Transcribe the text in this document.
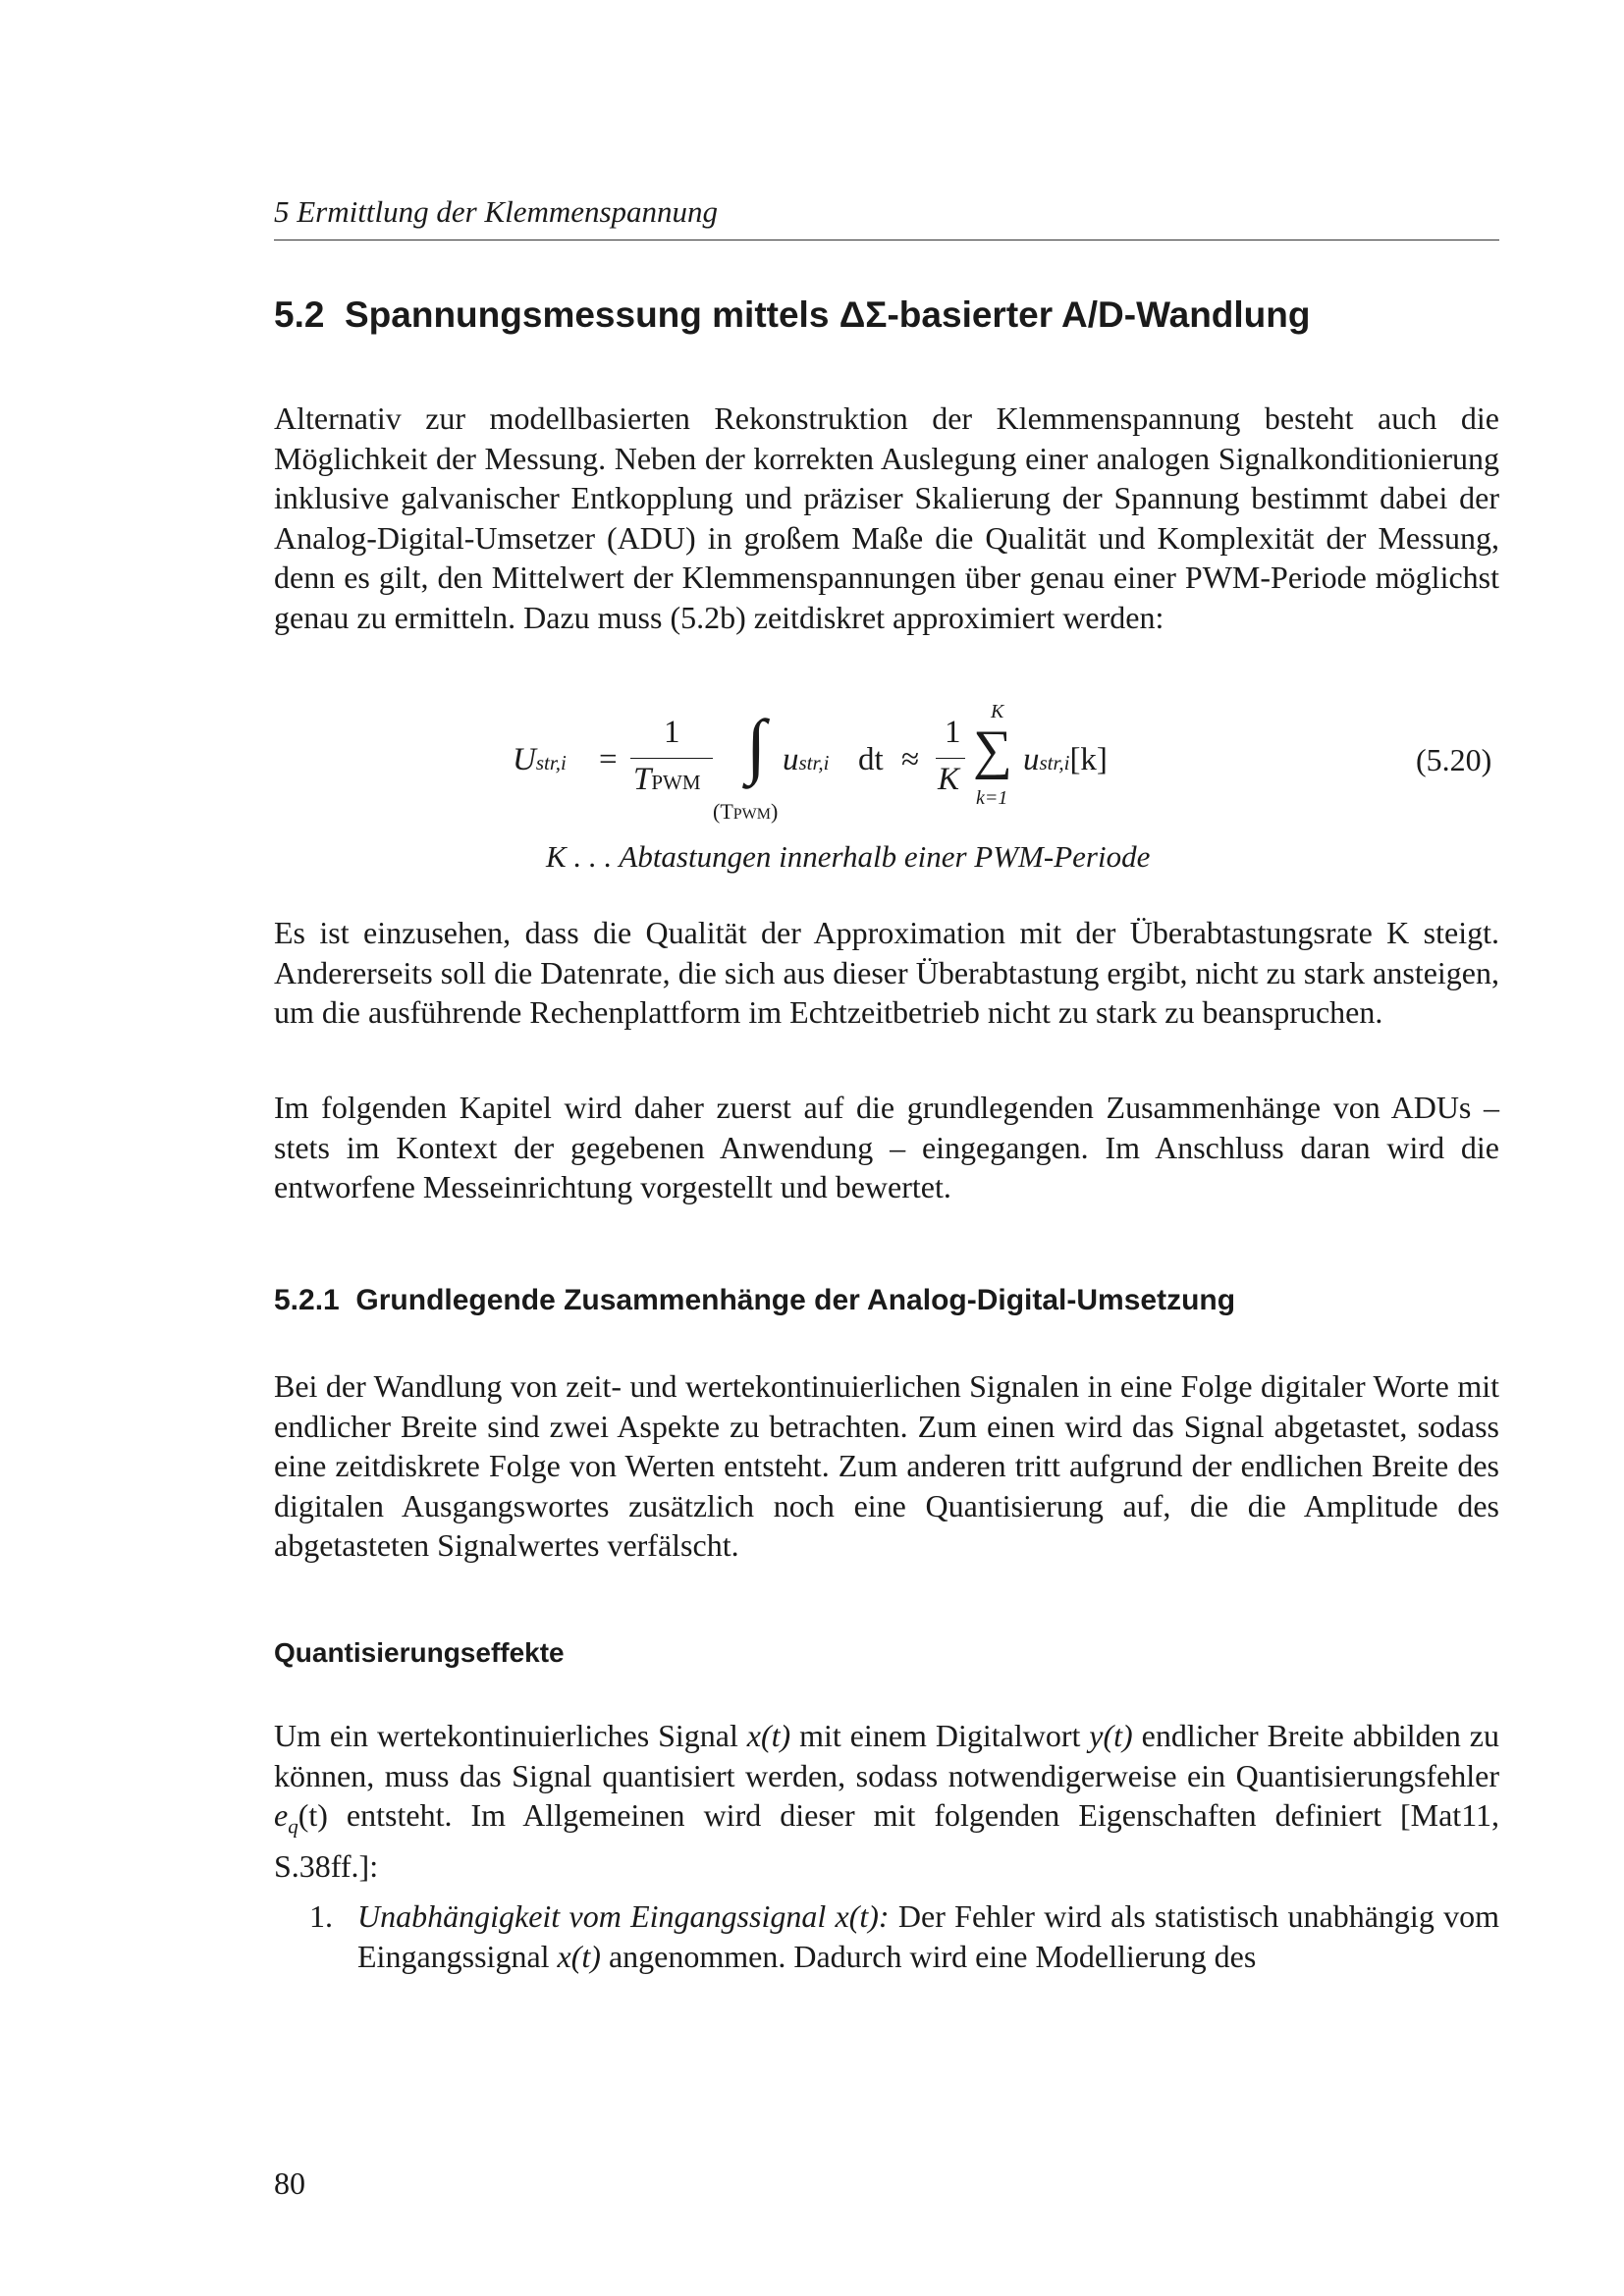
5 Ermittlung der Klemmenspannung
5.2 Spannungsmessung mittels ΔΣ-basierter A/D-Wandlung

Alternativ zur modellbasierten Rekonstruktion der Klemmenspannung besteht auch die Möglichkeit der Messung. Neben der korrekten Auslegung einer analogen Signalkonditionierung inklusive galvanischer Entkopplung und präziser Skalierung der Spannung bestimmt dabei der Analog-Digital-Umsetzer (ADU) in großem Maße die Qualität und Komplexität der Messung, denn es gilt, den Mittelwert der Klemmenspannungen über genau einer PWM-Periode möglichst genau zu ermitteln. Dazu muss (5.2b) zeitdiskret approximiert werden:

Ustr,i =
1
TPWM ∫
(TPWM)
ustr,i dt ≈
1
K
K
∑
k=1
ustr,i[k]	(5.20)
K . . . Abtastungen innerhalb einer PWM-Periode

Es ist einzusehen, dass die Qualität der Approximation mit der Überabtastungsrate K steigt. Andererseits soll die Datenrate, die sich aus dieser Überabtastung ergibt, nicht zu stark ansteigen, um die ausführende Rechenplattform im Echtzeitbetrieb nicht zu stark zu beanspruchen.

Im folgenden Kapitel wird daher zuerst auf die grundlegenden Zusammenhänge von ADUs – stets im Kontext der gegebenen Anwendung – eingegangen. Im Anschluss daran wird die entworfene Messeinrichtung vorgestellt und bewertet.

5.2.1 Grundlegende Zusammenhänge der Analog-Digital-Umsetzung

Bei der Wandlung von zeit- und wertekontinuierlichen Signalen in eine Folge digitaler Worte mit endlicher Breite sind zwei Aspekte zu betrachten. Zum einen wird das Signal abgetastet, sodass eine zeitdiskrete Folge von Werten entsteht. Zum anderen tritt aufgrund der endlichen Breite des digitalen Ausgangswortes zusätzlich noch eine Quantisierung auf, die die Amplitude des abgetasteten Signalwertes verfälscht.

Quantisierungseffekte

Um ein wertekontinuierliches Signal x(t) mit einem Digitalwort y(t) endlicher Breite abbilden zu können, muss das Signal quantisiert werden, sodass notwendigerweise ein Quantisierungsfehler $e_q(t)$ entsteht. Im Allgemeinen wird dieser mit folgenden Eigenschaften definiert [Mat11, S.38ff.]:

1. Unabhängigkeit vom Eingangssignal x(t): Der Fehler wird als statistisch unabhängig vom Eingangssignal x(t) angenommen. Dadurch wird eine Modellierung des
80
